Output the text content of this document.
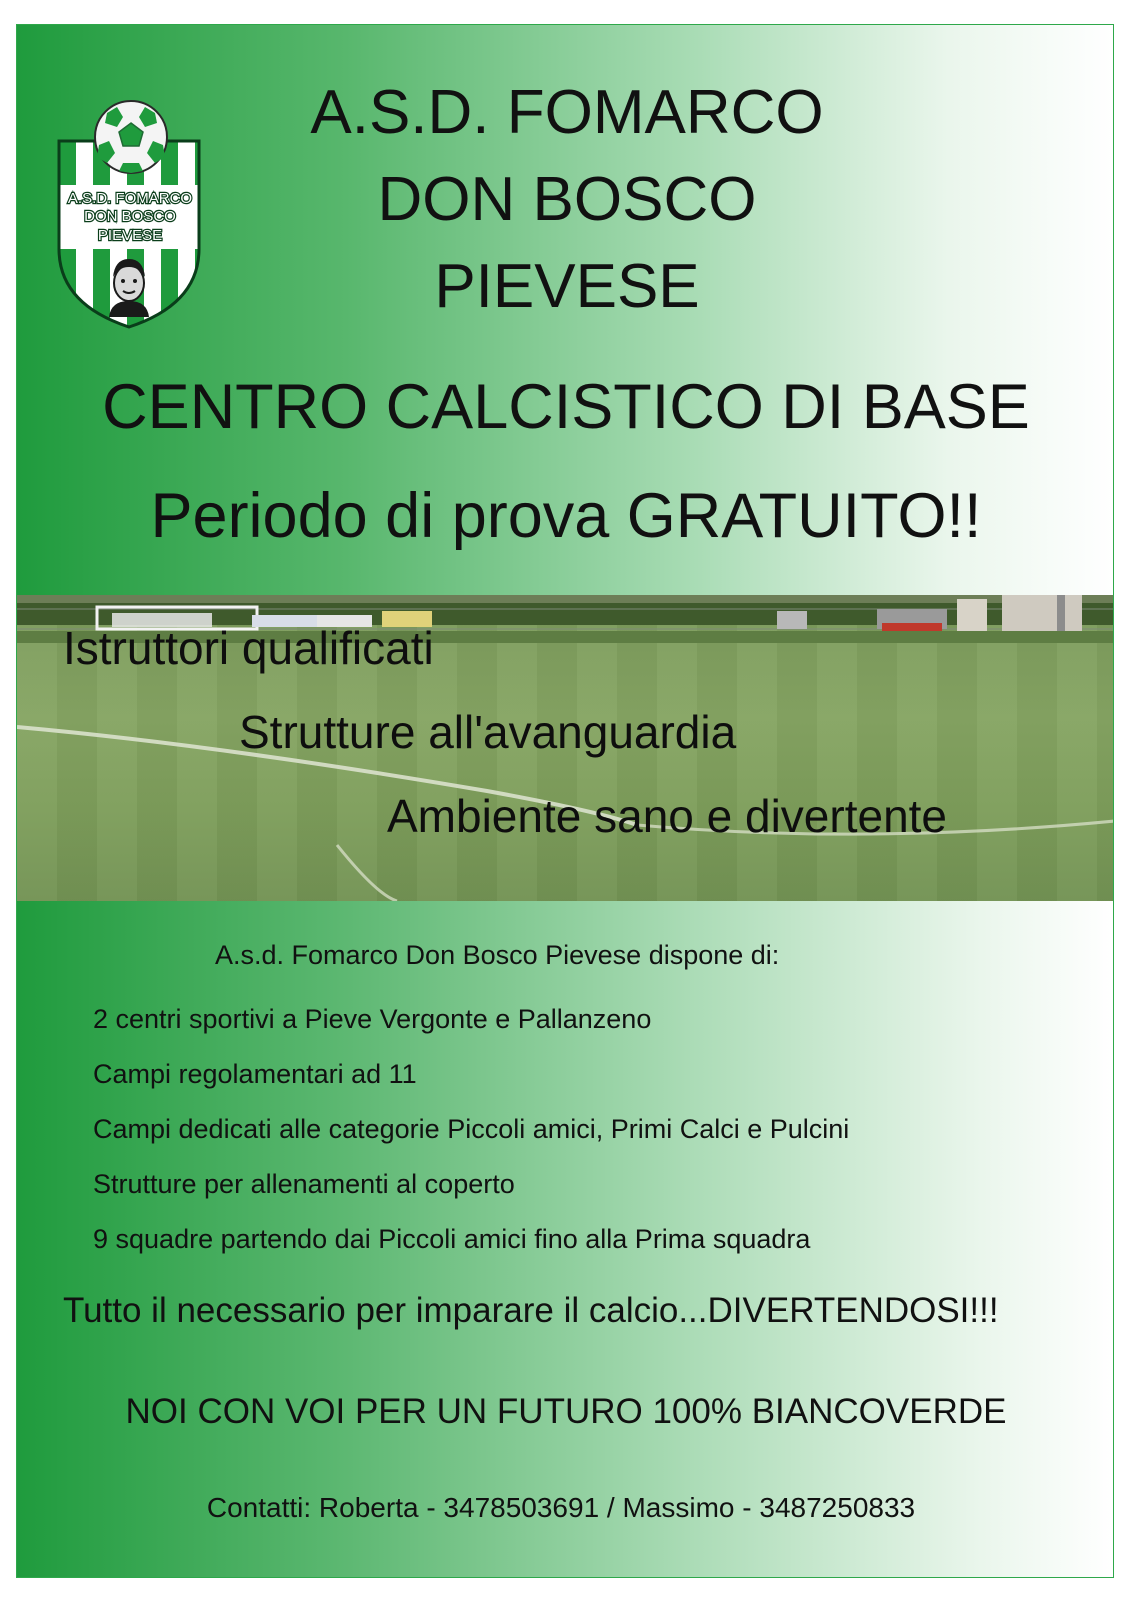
A.S.D. FOMARCO
DON BOSCO
PIEVESE
A.S.D. FOMARCO
DON BOSCO
PIEVESE
CENTRO CALCISTICO DI BASE
Periodo di prova GRATUITO!!
Istruttori qualificati
Strutture all'avanguardia
Ambiente sano e divertente
A.s.d. Fomarco Don Bosco Pievese dispone di:
2 centri sportivi a Pieve Vergonte e Pallanzeno
Campi regolamentari ad 11
Campi dedicati alle categorie Piccoli amici, Primi Calci e Pulcini
Strutture per allenamenti al coperto
9 squadre partendo dai Piccoli amici fino alla Prima squadra
Tutto il necessario per imparare il calcio...DIVERTENDOSI!!!
NOI CON VOI PER UN FUTURO 100% BIANCOVERDE
Contatti: Roberta - 3478503691 / Massimo - 3487250833
